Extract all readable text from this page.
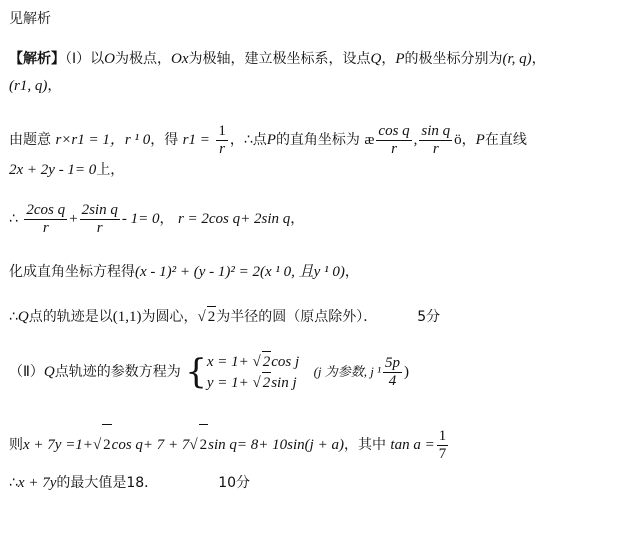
见解析
【解析】（Ⅰ）以O为极点，Ox为极轴，建立极坐标系，设点Q，P的极坐标分别为(r, q)，
(r1, q)，
由题意 r×r1 = 1，r ¹ 0，得 $r1 = \frac{1}{r}$ ，∴点P的直角坐标为 æ $\frac{\text{cos q}}{r}$ , $\frac{\text{sin q}}{r}$ ö，P在直线
2x + 2y - 1= 0上，
∴ $\frac{\text{2cos q}}{r} + \frac{\text{2sin q}}{r} - 1= 0$， r = 2cos q+ 2sin q，
化成直角坐标方程得(x - 1)² + (y - 1)² = 2(x ¹ 0, 且y ¹ 0)，
∴Q点的轨迹是以(1,1)为圆心，√ 2为半径的圆（原点除外）．	5分
（Ⅱ）Q点轨迹的参数方程为 { x = 1+ √ 2cos j
y = 1+ √ 2sin j
(j 为参数, j $^1 \frac{5p}{4}$ )
则x + 7y =1+√ 2cos q+ 7 + 7√ 2sin q= 8+ 10sin(j + a)，其中 $\tan a = \frac{1}{7}$
∴x + 7y的最大值是18．	10分
